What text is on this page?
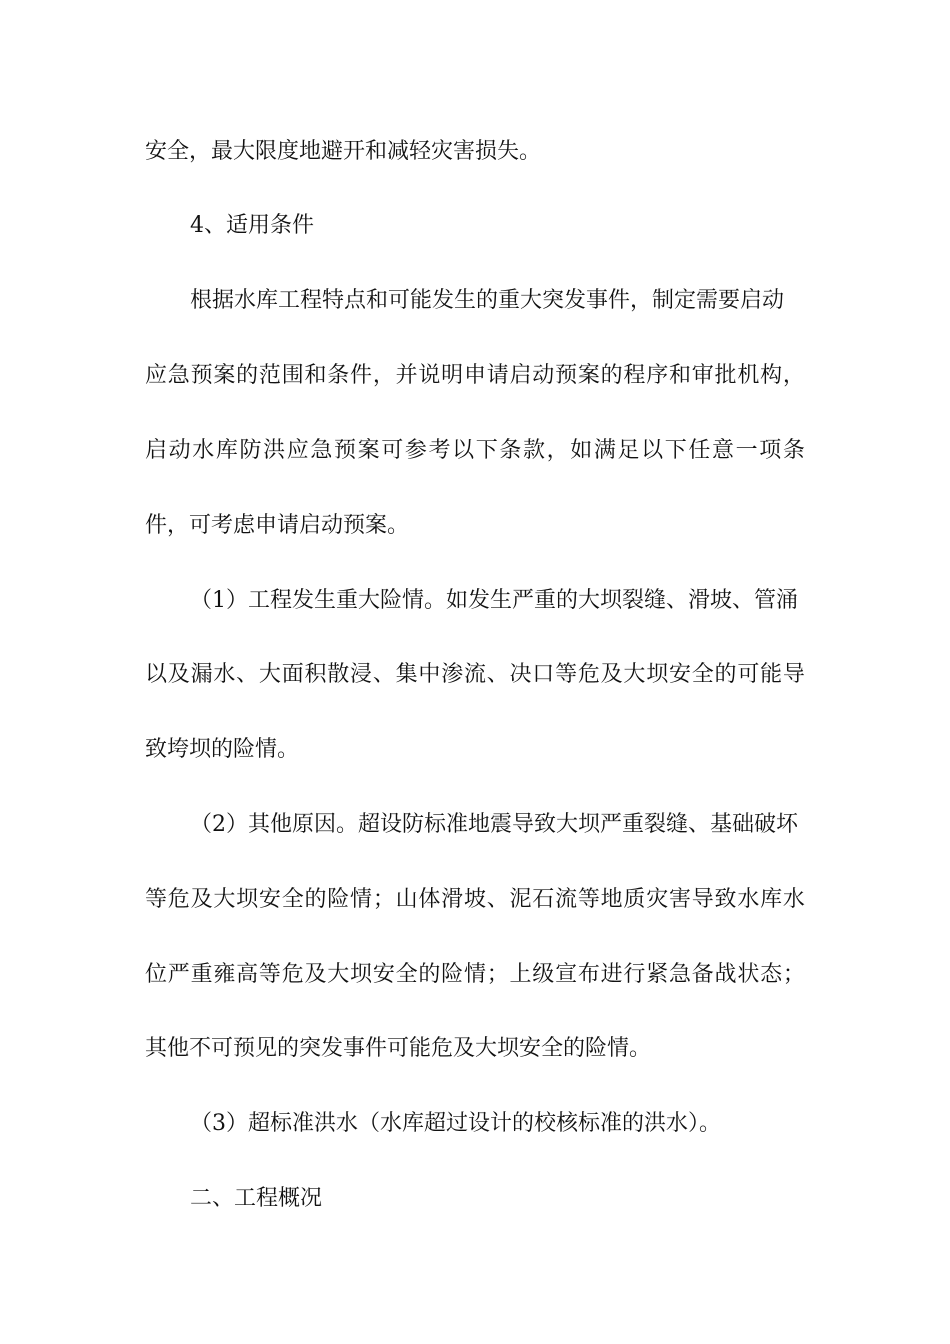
安全，最大限度地避开和减轻灾害损失。
4、适用条件
根据水库工程特点和可能发生的重大突发事件，制定需要启动
应 急 预 案 的 范 围 和 条 件 ， 并 说 明 申 请 启 动 预 案 的 程 序 和 审 批 机 构 ，
启 动 水 库 防 洪 应 急 预 案 可 参 考 以 下 条 款 ， 如 满 足 以 下 任 意 一 项 条
件，可考虑申请启动预案。
（1）工程发生重大险情。如发生严重的大坝裂缝、滑坡、管涌
以 及 漏 水 、 大 面 积 散 浸 、 集 中 渗 流 、 决 口 等 危 及 大 坝 安 全 的 可 能 导
致垮坝的险情。
（2）其他原因。超设防标准地震导致大坝严重裂缝、基础破坏
等 危 及 大 坝 安 全 的 险 情 ； 山 体 滑 坡 、 泥 石 流 等 地 质 灾 害 导 致 水 库 水
位 严 重 雍 高 等 危 及 大 坝 安 全 的 险 情 ； 上 级 宣 布 进 行 紧 急 备 战 状 态 ；
其他不可预见的突发事件可能危及大坝安全的险情。
（3）超标准洪水（水库超过设计的校核标准的洪水）。
二、工程概况
